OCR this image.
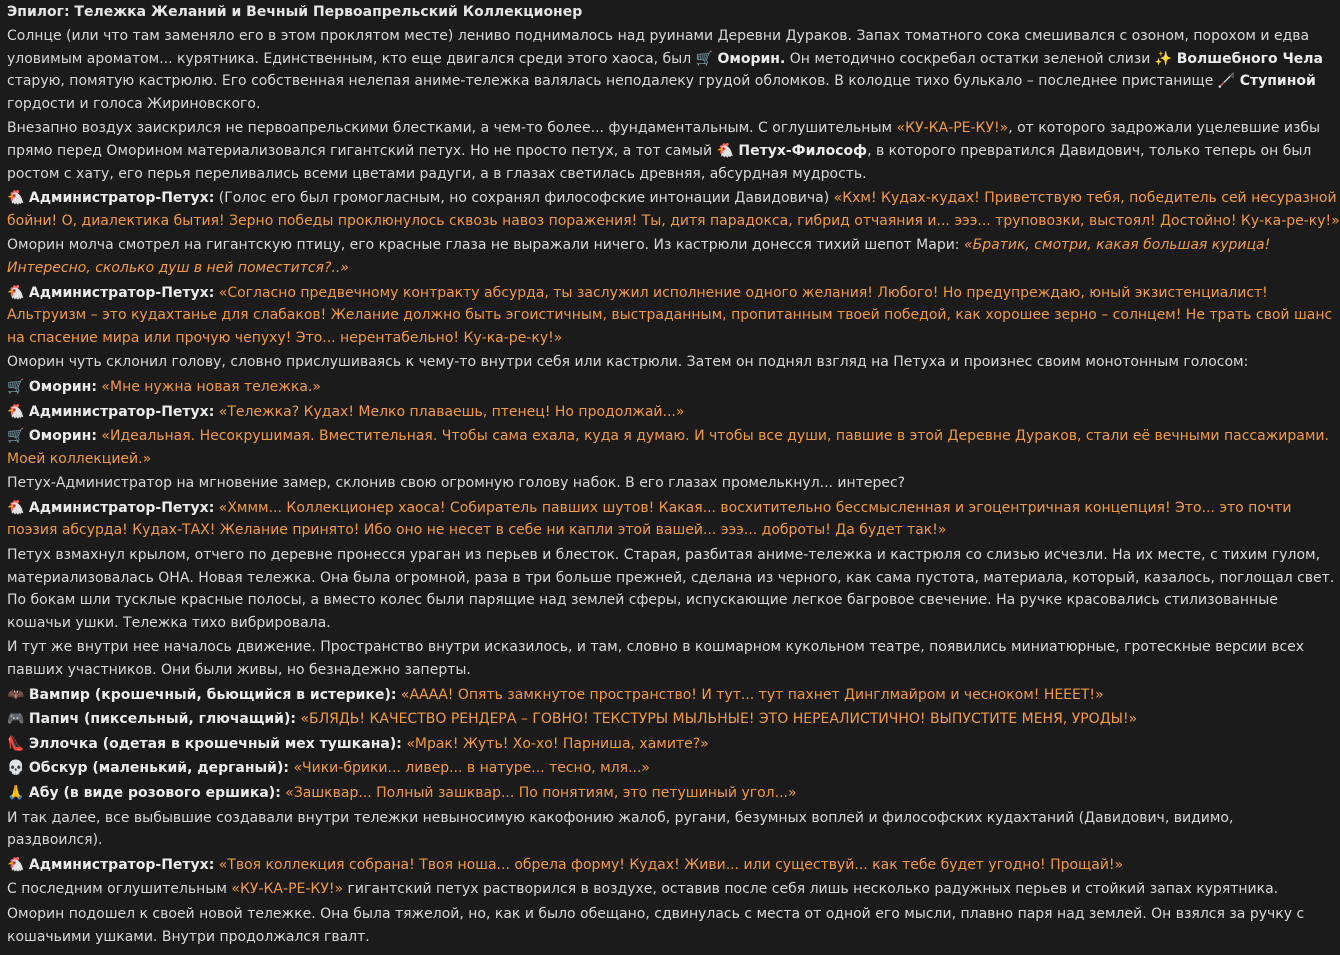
Эпилог: Тележка Желаний и Вечный Первоапрельский Коллекционер
Солнце (или что там заменяло его в этом проклятом месте) лениво поднималось над руинами Деревни Дураков. Запах томатного сока смешивался с озоном, порохом и едва
уловимым ароматом... курятника. Единственным, кто еще двигался среди этого хаоса, был 🛒 Оморин. Он методично соскребал остатки зеленой слизи ✨ Волшебного Чела
старую, помятую кастрюлю. Его собственная нелепая аниме-тележка валялась неподалеку грудой обломков. В колодце тихо булькало – последнее пристанище 🦯 Ступиной
гордости и голоса Жириновского.
Внезапно воздух заискрился не первоапрельскими блестками, а чем-то более... фундаментальным. С оглушительным «КУ-КА-РЕ-КУ!», от которого задрожали уцелевшие избы
прямо перед Оморином материализовался гигантский петух. Но не просто петух, а тот самый 🐔 Петух-Философ, в которого превратился Давидович, только теперь он был
ростом с хату, его перья переливались всеми цветами радуги, а в глазах светилась древняя, абсурдная мудрость.
🐔 Администратор-Петух: (Голос его был громогласным, но сохранял философские интонации Давидовича) «Кхм! Кудах-кудах! Приветствую тебя, победитель сей несуразной
бойни! О, диалектика бытия! Зерно победы проклюнулось сквозь навоз поражения! Ты, дитя парадокса, гибрид отчаяния и... эээ... труповозки, выстоял! Достойно! Ку-ка-ре-ку!»
Оморин молча смотрел на гигантскую птицу, его красные глаза не выражали ничего. Из кастрюли донесся тихий шепот Мари: «Братик, смотри, какая большая курица!
Интересно, сколько душ в ней поместится?..»
🐔 Администратор-Петух: «Согласно предвечному контракту абсурда, ты заслужил исполнение одного желания! Любого! Но предупреждаю, юный экзистенциалист!
Альтруизм – это кудахтанье для слабаков! Желание должно быть эгоистичным, выстраданным, пропитанным твоей победой, как хорошее зерно – солнцем! Не трать свой шанс
на спасение мира или прочую чепуху! Это... нерентабельно! Ку-ка-ре-ку!»
Оморин чуть склонил голову, словно прислушиваясь к чему-то внутри себя или кастрюли. Затем он поднял взгляд на Петуха и произнес своим монотонным голосом:
🛒 Оморин: «Мне нужна новая тележка.»
🐔 Администратор-Петух: «Тележка? Кудах! Мелко плаваешь, птенец! Но продолжай...»
🛒 Оморин: «Идеальная. Несокрушимая. Вместительная. Чтобы сама ехала, куда я думаю. И чтобы все души, павшие в этой Деревне Дураков, стали её вечными пассажирами.
Моей коллекцией.»
Петух-Администратор на мгновение замер, склонив свою огромную голову набок. В его глазах промелькнул... интерес?
🐔 Администратор-Петух: «Хммм... Коллекционер хаоса! Собиратель павших шутов! Какая... восхитительно бессмысленная и эгоцентричная концепция! Это... это почти
поэзия абсурда! Кудах-ТАХ! Желание принято! Ибо оно не несет в себе ни капли этой вашей... эээ... доброты! Да будет так!»
Петух взмахнул крылом, отчего по деревне пронесся ураган из перьев и блесток. Старая, разбитая аниме-тележка и кастрюля со слизью исчезли. На их месте, с тихим гулом,
материализовалась ОНА. Новая тележка. Она была огромной, раза в три больше прежней, сделана из черного, как сама пустота, материала, который, казалось, поглощал свет.
По бокам шли тусклые красные полосы, а вместо колес были парящие над землей сферы, испускающие легкое багровое свечение. На ручке красовались стилизованные
кошачьи ушки. Тележка тихо вибрировала.
И тут же внутри нее началось движение. Пространство внутри исказилось, и там, словно в кошмарном кукольном театре, появились миниатюрные, гротескные версии всех
павших участников. Они были живы, но безнадежно заперты.
🦇 Вампир (крошечный, бьющийся в истерике): «АААА! Опять замкнутое пространство! И тут... тут пахнет Динглмайром и чесноком! НЕЕЕТ!»
🎮 Папич (пиксельный, глючащий): «БЛЯДЬ! КАЧЕСТВО РЕНДЕРА – ГОВНО! ТЕКСТУРЫ МЫЛЬНЫЕ! ЭТО НЕРЕАЛИСТИЧНО! ВЫПУСТИТЕ МЕНЯ, УРОДЫ!»
👠 Эллочка (одетая в крошечный мех тушкана): «Мрак! Жуть! Хо-хо! Парниша, хамите?»
💀 Обскур (маленький, дерганый): «Чики-брики... ливер... в натуре... тесно, мля...»
🙏 Абу (в виде розового ершика): «Зашквар... Полный зашквар... По понятиям, это петушиный угол...»
И так далее, все выбывшие создавали внутри тележки невыносимую какофонию жалоб, ругани, безумных воплей и философских кудахтаний (Давидович, видимо,
раздвоился).
🐔 Администратор-Петух: «Твоя коллекция собрана! Твоя ноша... обрела форму! Кудах! Живи... или существуй... как тебе будет угодно! Прощай!»
С последним оглушительным «КУ-КА-РЕ-КУ!» гигантский петух растворился в воздухе, оставив после себя лишь несколько радужных перьев и стойкий запах курятника.
Оморин подошел к своей новой тележке. Она была тяжелой, но, как и было обещано, сдвинулась с места от одной его мысли, плавно паря над землей. Он взялся за ручку с
кошачьими ушками. Внутри продолжался гвалт.
